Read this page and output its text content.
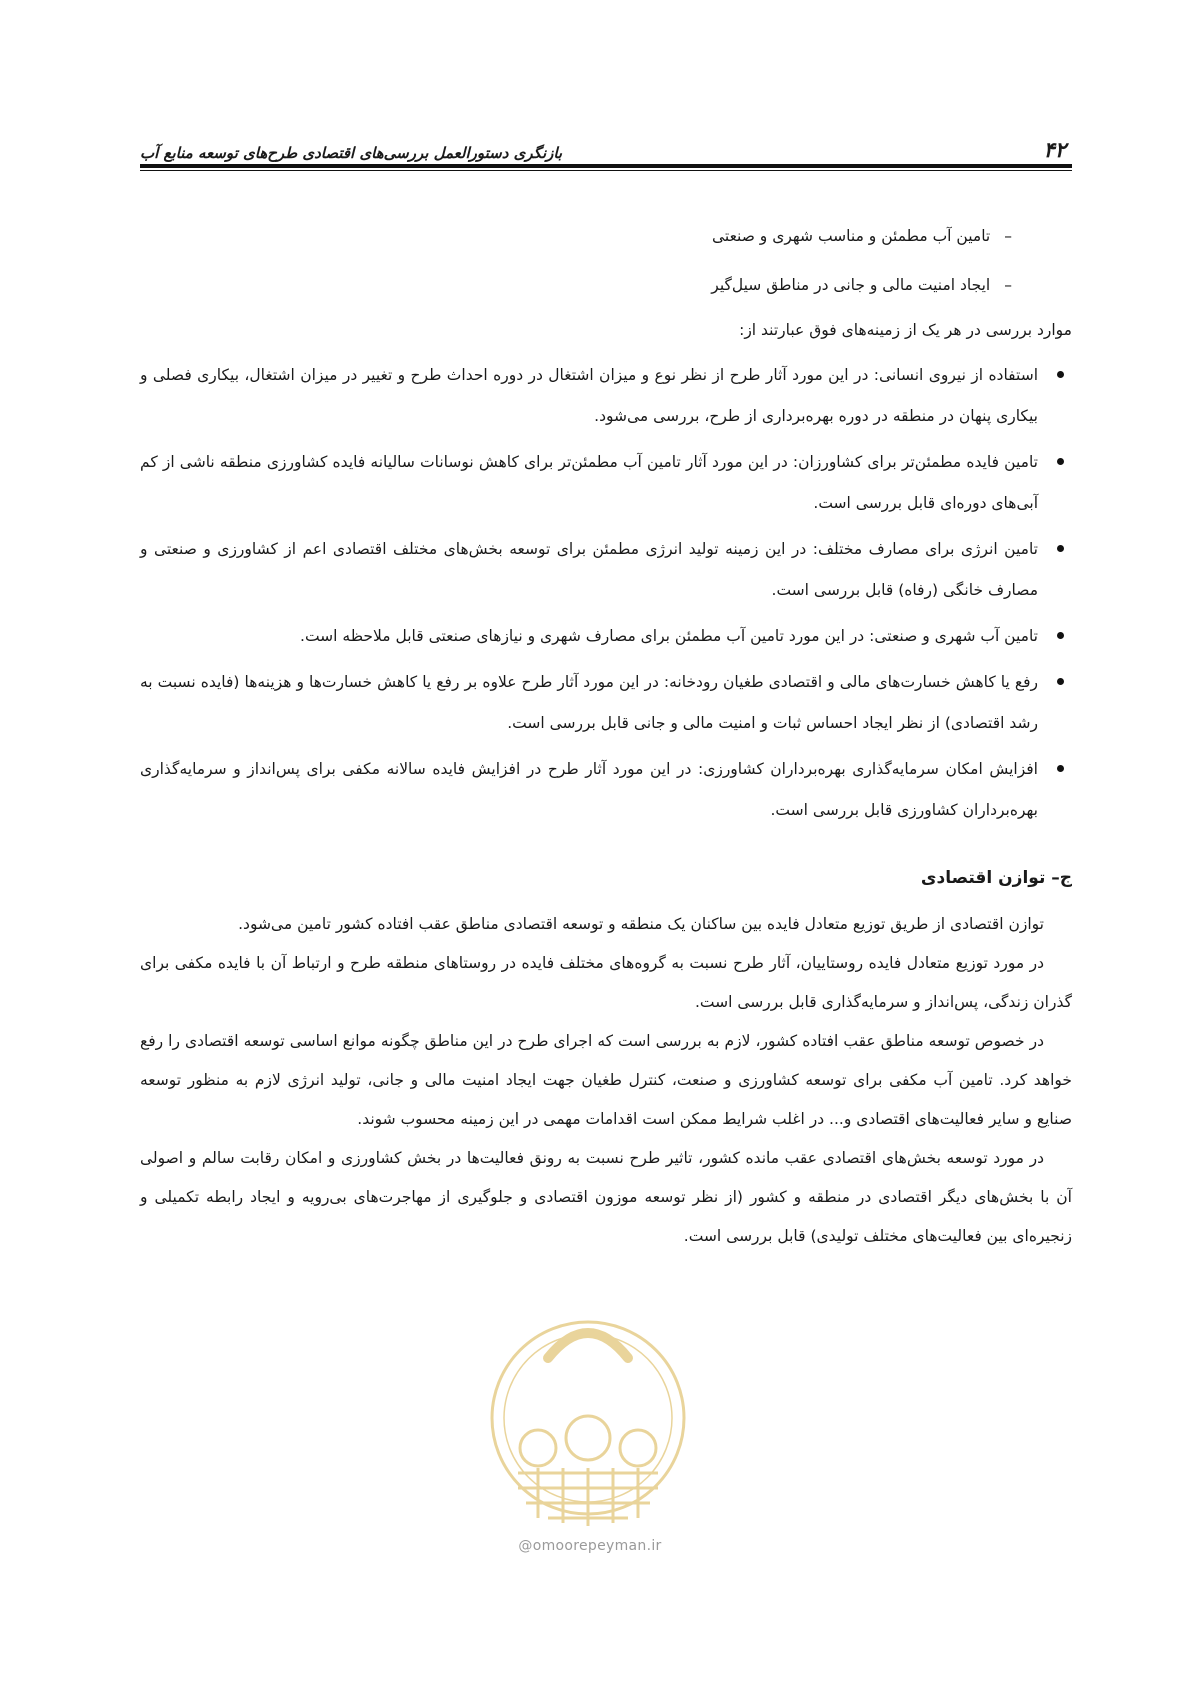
۴۲
بازنگری دستورالعمل بررسی‌های اقتصادی طرح‌های توسعه منابع آب
–تامین آب مطمئن و مناسب شهری و صنعتی
–ایجاد امنیت مالی و جانی در مناطق سیل‌گیر
موارد بررسی در هر یک از زمینه‌های فوق عبارتند از:
استفاده از نیروی انسانی: در این مورد آثار طرح از نظر نوع و میزان اشتغال در دوره احداث طرح و تغییر در میزان اشتغال، بیکاری فصلی و بیکاری پنهان در منطقه در دوره بهره‌برداری از طرح، بررسی می‌شود.
تامین فایده مطمئن‌تر برای کشاورزان: در این مورد آثار تامین آب مطمئن‌تر برای کاهش نوسانات سالیانه فایده کشاورزی منطقه ناشی از کم آبی‌های دوره‌ای قابل بررسی است.
تامین انرژی برای مصارف مختلف: در این زمینه تولید انرژی مطمئن برای توسعه بخش‌های مختلف اقتصادی اعم از کشاورزی و صنعتی و مصارف خانگی (رفاه) قابل بررسی است.
تامین آب شهری و صنعتی: در این مورد تامین آب مطمئن برای مصارف شهری و نیازهای صنعتی قابل ملاحظه است.
رفع یا کاهش خسارت‌های مالی و اقتصادی طغیان رودخانه: در این مورد آثار طرح علاوه بر رفع یا کاهش خسارت‌ها و هزینه‌ها (فایده نسبت به رشد اقتصادی) از نظر ایجاد احساس ثبات و امنیت مالی و جانی قابل بررسی است.
افزایش امکان سرمایه‌گذاری بهره‌برداران کشاورزی: در این مورد آثار طرح در افزایش فایده سالانه مکفی برای پس‌انداز و سرمایه‌گذاری بهره‌برداران کشاورزی قابل بررسی است.
ج– توازن اقتصادی

توازن اقتصادی از طریق توزیع متعادل فایده بین ساکنان یک منطقه و توسعه اقتصادی مناطق عقب افتاده کشور تامین می‌شود.

در مورد توزیع متعادل فایده روستاییان، آثار طرح نسبت به گروه‌های مختلف فایده در روستاهای منطقه طرح و ارتباط آن با فایده مکفی برای گذران زندگی، پس‌انداز و سرمایه‌گذاری قابل بررسی است.

در خصوص توسعه مناطق عقب افتاده کشور، لازم به بررسی است که اجرای طرح در این مناطق چگونه موانع اساسی توسعه اقتصادی را رفع خواهد کرد. تامین آب مکفی برای توسعه کشاورزی و صنعت، کنترل طغیان جهت ایجاد امنیت مالی و جانی، تولید انرژی لازم به منظور توسعه صنایع و سایر فعالیت‌های اقتصادی و... در اغلب شرایط ممکن است اقدامات مهمی در این زمینه محسوب شوند.

در مورد توسعه بخش‌های اقتصادی عقب مانده کشور، تاثیر طرح نسبت به رونق فعالیت‌ها در بخش کشاورزی و امکان رقابت سالم و اصولی آن با بخش‌های دیگر اقتصادی در منطقه و کشور (از نظر توسعه موزون اقتصادی و جلوگیری از مهاجرت‌های بی‌رویه و ایجاد رابطه تکمیلی و زنجیره‌ای بین فعالیت‌های مختلف تولیدی) قابل بررسی است.

@omoorepeyman.ir
